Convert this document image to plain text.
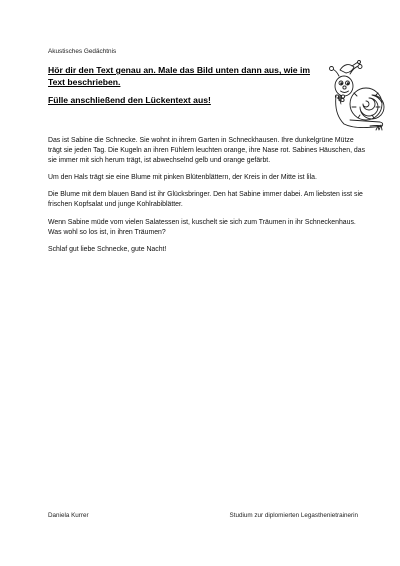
Akustisches Gedächtnis
Hör dir den Text genau an. Male das Bild unten dann aus, wie im
Text beschrieben.
Fülle anschließend den Lückentext aus!

Das ist Sabine die Schnecke. Sie wohnt in ihrem Garten in Schneckhausen. Ihre dunkelgrüne Mütze trägt sie jeden Tag. Die Kugeln an ihren Fühlern leuchten orange, ihre Nase rot. Sabines Häuschen, das sie immer mit sich herum trägt, ist abwechselnd gelb und orange gefärbt.

Um den Hals trägt sie eine Blume mit pinken Blütenblättern, der Kreis in der Mitte ist lila.

Die Blume mit dem blauen Band ist ihr Glücksbringer. Den hat Sabine immer dabei. Am liebsten isst sie frischen Kopfsalat und junge Kohlrabiblätter.

Wenn Sabine müde vom vielen Salatessen ist, kuschelt sie sich zum Träumen in ihr Schneckenhaus. Was wohl so los ist, in ihren Träumen?

Schlaf gut liebe Schnecke, gute Nacht!

Daniela Kurrer	Studium zur diplomierten Legasthenietrainerin
